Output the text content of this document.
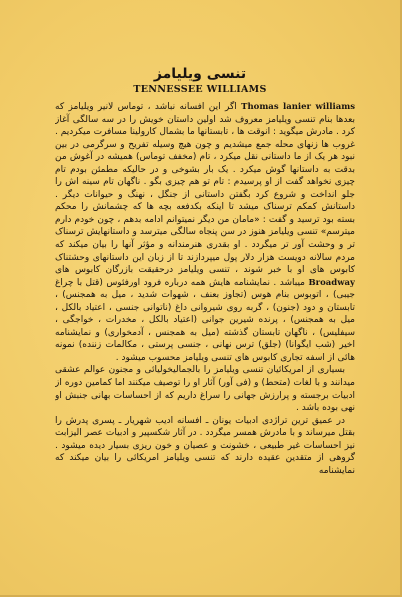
تنسی ویلیامز
TENNESSEE WILLIAMS

Thomas lanier williams اگر این افسانه نباشد ، توماس لانیر ویلیامز که بعدها بنام تنسی ویلیامز معروف شد اولین داستان خویش را در سه سالگی آغاز کرد . مادرش میگوید : انوقت ها ، تابستانها ما بشمال کارولینا مسافرت میکردیم . غروب ها زنهای محله جمع میشدیم و چون هیچ وسیله تفریح و سرگرمی در بین نبود هر یک از ما داستانی نقل میکرد ، تام (مخفف توماس) همیشه در آغوش من بدقت به داستانها گوش میکرد . یک بار بشوخی و در حالیکه مطمئن بودم تام چیزی نخواهد گفت از او پرسیدم : تام تو هم چیزی بگو . ناگهان تام سینه اش را جلو انداخت و شروع کرد بگفتن داستانی از جنگل ، نهنگ و حیوانات دیگر . داستانش کمکم ترسناک میشد تا اینکه بکدفعه بچه ها که چشمانش را محکم بسته بود ترسید و گفت : «مامان من دیگر نمیتوانم ادامه بدهم ، چون خودم دارم میترسم» تنسی ویلیامز هنوز در سن پنجاه سالگی میترسد و داستانهایش ترسناک تر و وحشت آور تر میگردد . او بقدری هنرمندانه و مؤثر آنها را بیان میکند که مردم سالانه دویست هزار دلار پول میپردازند تا از زبان این داستانهای وحشتناک کابوس های او با خبر شوند ، تنسی ویلیامز درحقیقت بازرگان کابوس های Broadway میباشد . نمایشنامه هایش همه درباره فرود اورفئوس (قتل با چراغ جیبی) ، اتوبوس بنام هوس (تجاوز بعنف ، شهوات شدید ، میل به همجنس) ، تابستان و دود (جنون) ، گربه روی شیروانی داغ (ناتوانی جنسی ، اعتیاد بالکل ، میل به همجنس) ، پرنده شیرین جوانی (اعتیاد بالکل ، مخدرات ، خواجگی ، سیفلیس) ، ناگهان تابستان گذشته (میل به همجنس ، آدمخواری) و نمایشنامه اخیر (شب ایگوانا) (جلق) ترس نهانی ، جنسی پرستی ، مکالمات زننده) نمونه هائی از اسفه تجاری کابوس های تنسی ویلیامز محسوب میشود .

بسیاری از امریکائیان تنسی ویلیامز را بالجمالیخولیائی و مجنون عوالم عشقی میدانند و با لغات (متحط) و (فی آور) آثار او را توصیف میکنند اما کمامین دوره از ادبیات برجسته و پرارزش جهانی را سراغ داریم که از احساسات بهانی جنبش او نهی بوده باشد .

در عمیق ترین تراژدی ادبیات یونان ـ افسانه ادیب شهریار ـ پسری پدرش را بقتل میرساند و با مادرش همسر میگردد . در آثار شکسپیر و ادبیات عصر الیزابت نیز احساسات غیر طبیعی ، خشونت و عصیان و خون ریزی بسیار دیده میشود . گروهی از متقدین عقیده دارند که تنسی ویلیامز امریکائی را بیان میکند که نمایشنامه
